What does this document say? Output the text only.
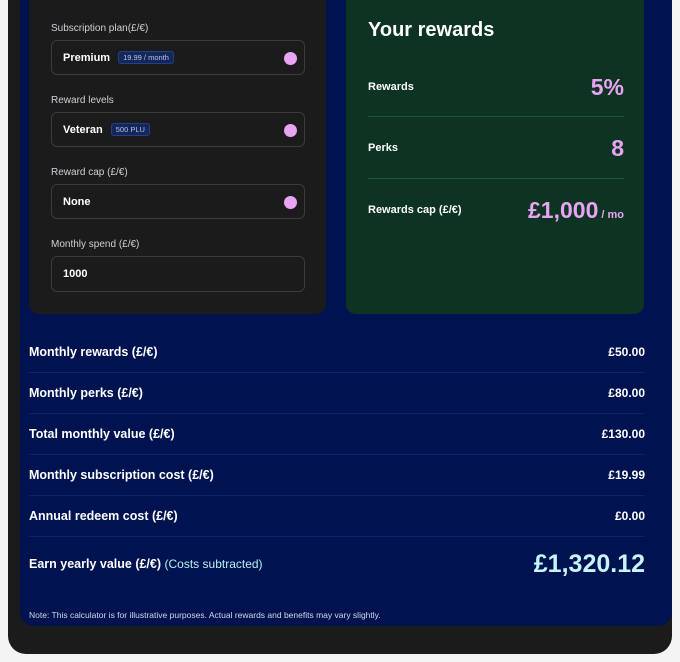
Subscription plan(£/€)
Premium	19.99 / month
Reward levels
Veteran	500 PLU
Reward cap (£/€)
None
Monthly spend (£/€)
1000
Your rewards
Rewards	5%
Perks	8
Rewards cap (£/€)	£1,000 / mo
Monthly rewards (£/€)	£50.00
Monthly perks (£/€)	£80.00
Total monthly value (£/€)	£130.00
Monthly subscription cost (£/€)	£19.99
Annual redeem cost (£/€)	£0.00
Earn yearly value (£/€) (Costs subtracted)	£1,320.12
Note: This calculator is for illustrative purposes. Actual rewards and benefits may vary slightly.
